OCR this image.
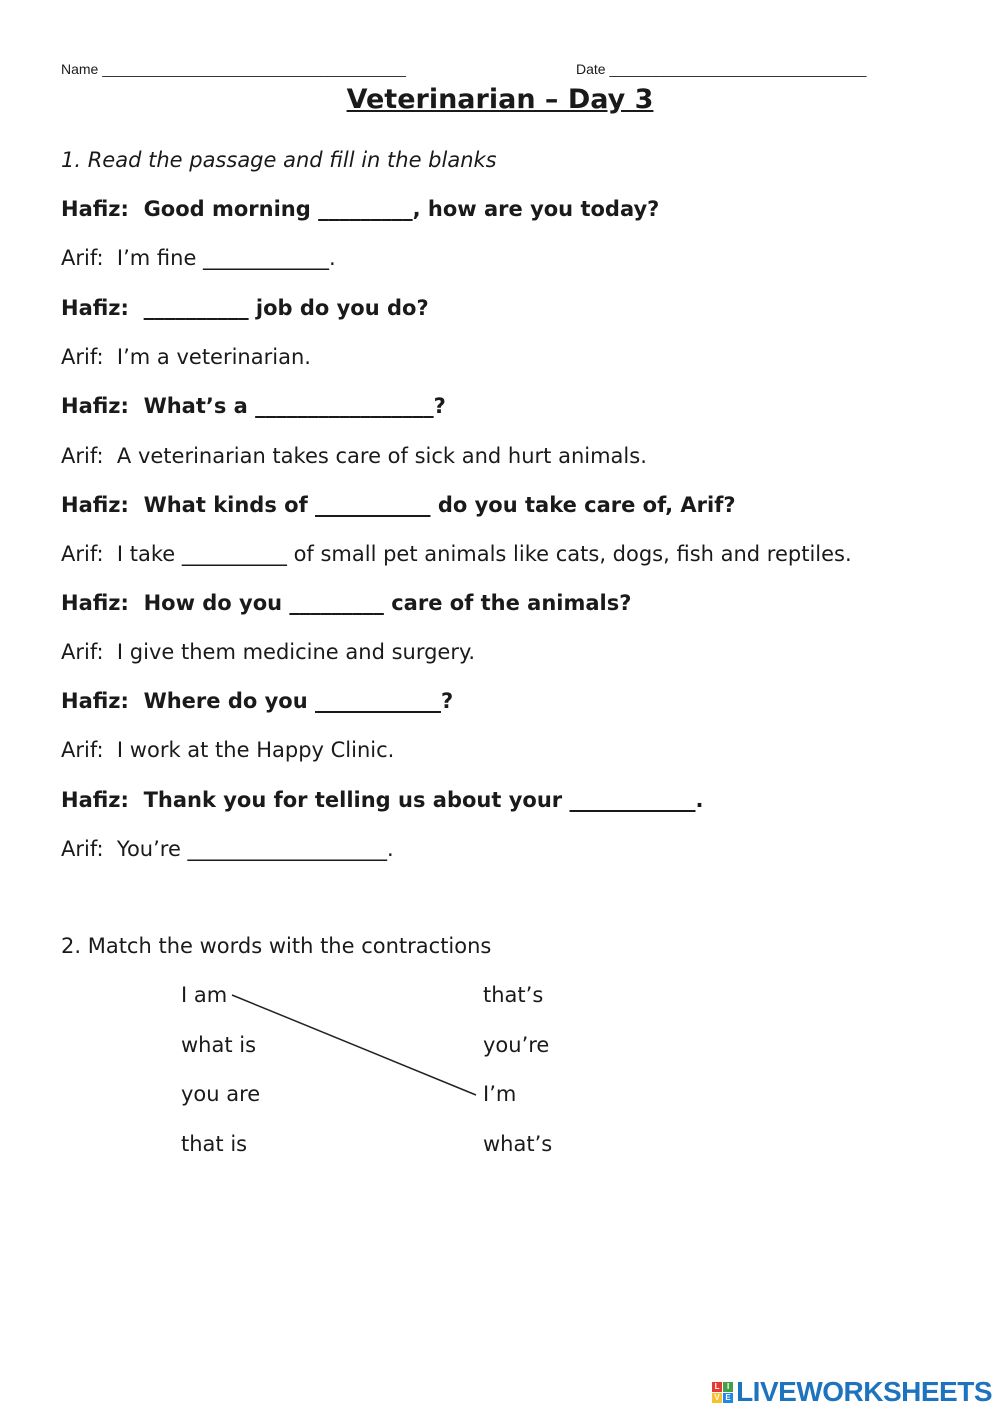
Name _______________________________________	Date _________________________________
Veterinarian – Day 3
1. Read the passage and fill in the blanks
Hafiz: Good morning _________, how are you today?
Arif: I’m fine ____________.
Hafiz: __________ job do you do?
Arif: I’m a veterinarian.
Hafiz: What’s a _________________?
Arif: A veterinarian takes care of sick and hurt animals.
Hafiz: What kinds of ___________ do you take care of, Arif?
Arif: I take __________ of small pet animals like cats, dogs, fish and reptiles.
Hafiz: How do you _________ care of the animals?
Arif: I give them medicine and surgery.
Hafiz: Where do you ____________?
Arif: I work at the Happy Clinic.
Hafiz: Thank you for telling us about your ____________.
Arif: You’re ___________________.
2. Match the words with the contractions
I am
what is
you are
that is
that’s
you’re
I’m
what’s
L I
V E LIVEWORKSHEETS
